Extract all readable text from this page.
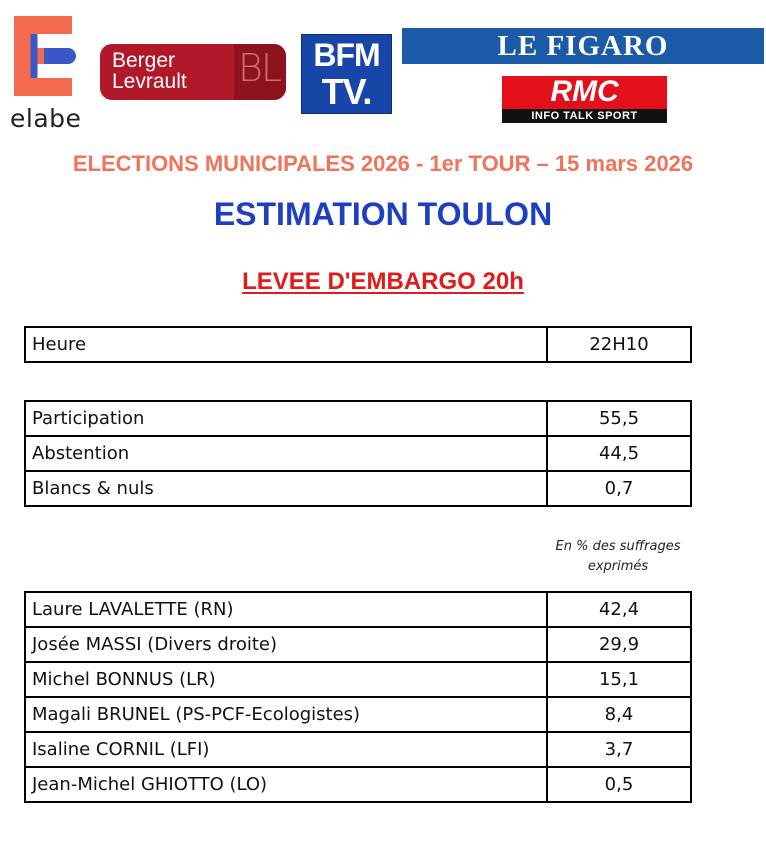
elabe
BL
Berger
Levrault
BFM
TV.
LE FIGARO
RMC
INFO TALK SPORT
ELECTIONS MUNICIPALES 2026 - 1er TOUR – 15 mars 2026
ESTIMATION TOULON
LEVEE D'EMBARGO 20h
Heure	22H10
Participation	55,5
Abstention	44,5
Blancs & nuls	0,7
En % des suffrages exprimés
Laure LAVALETTE (RN)	42,4
Josée MASSI (Divers droite)	29,9
Michel BONNUS (LR)	15,1
Magali BRUNEL (PS-PCF-Ecologistes)	8,4
Isaline CORNIL (LFI)	3,7
Jean-Michel GHIOTTO (LO)	0,5
